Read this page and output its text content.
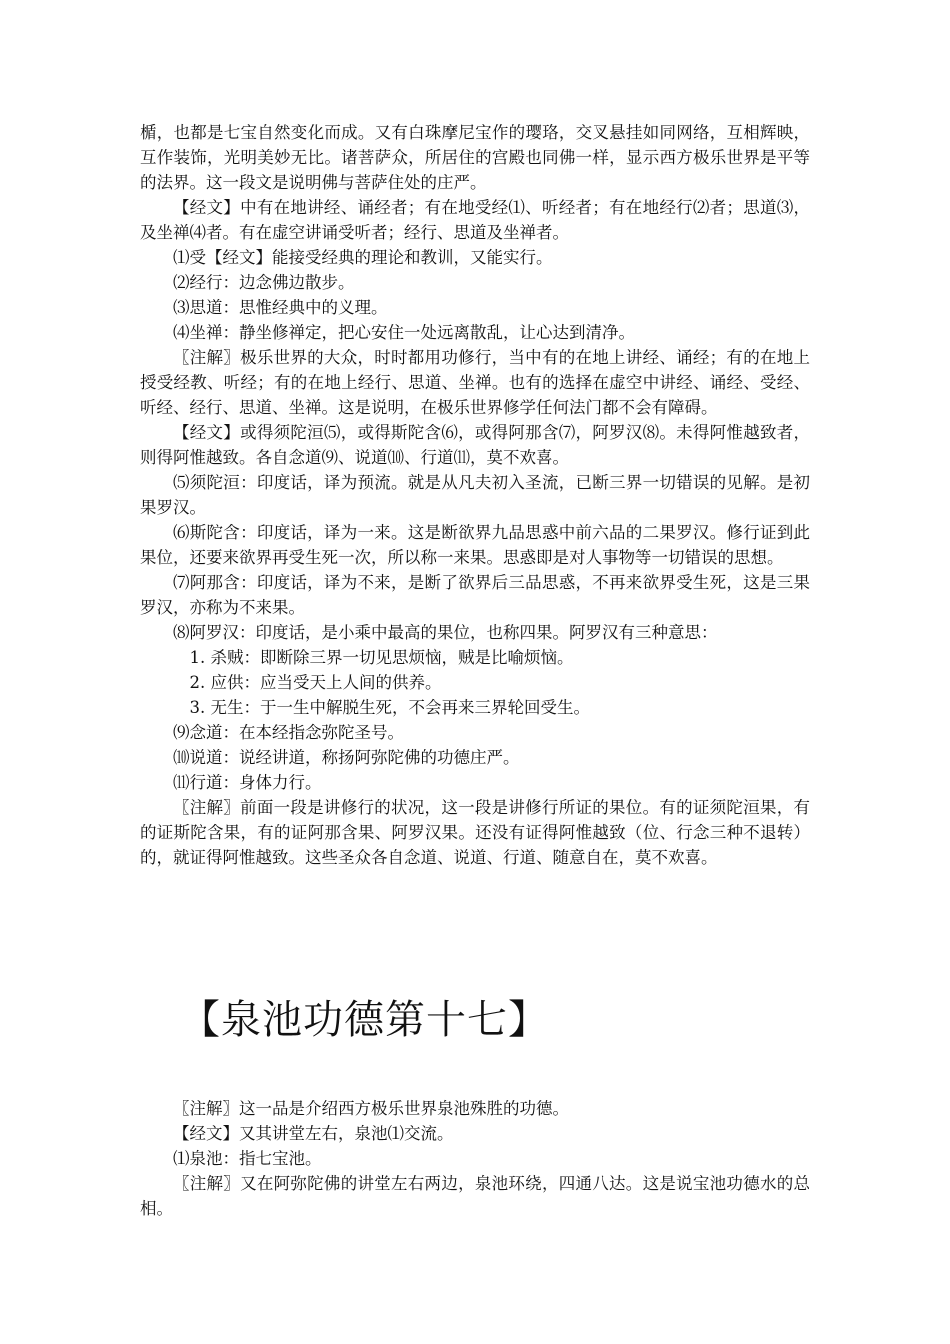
楯，也都是七宝自然变化而成。又有白珠摩尼宝作的璎珞，交叉悬挂如同网络，互相辉映，互作装饰，光明美妙无比。诸菩萨众，所居住的宫殿也同佛一样，显示西方极乐世界是平等的法界。这一段文是说明佛与菩萨住处的庄严。

【经文】中有在地讲经、诵经者；有在地受经⑴、听经者；有在地经行⑵者；思道⑶，及坐禅⑷者。有在虚空讲诵受听者；经行、思道及坐禅者。

⑴受【经文】能接受经典的理论和教训，又能实行。

⑵经行：边念佛边散步。

⑶思道：思惟经典中的义理。

⑷坐禅：静坐修禅定，把心安住一处远离散乱，让心达到清净。

〖注解〗极乐世界的大众，时时都用功修行，当中有的在地上讲经、诵经；有的在地上授受经教、听经；有的在地上经行、思道、坐禅。也有的选择在虚空中讲经、诵经、受经、听经、经行、思道、坐禅。这是说明，在极乐世界修学任何法门都不会有障碍。

【经文】或得须陀洹⑸，或得斯陀含⑹，或得阿那含⑺，阿罗汉⑻。未得阿惟越致者，则得阿惟越致。各自念道⑼、说道⑽、行道⑾，莫不欢喜。

⑸须陀洹：印度话，译为预流。就是从凡夫初入圣流，已断三界一切错误的见解。是初果罗汉。

⑹斯陀含：印度话，译为一来。这是断欲界九品思惑中前六品的二果罗汉。修行证到此果位，还要来欲界再受生死一次，所以称一来果。思惑即是对人事物等一切错误的思想。

⑺阿那含：印度话，译为不来，是断了欲界后三品思惑，不再来欲界受生死，这是三果罗汉，亦称为不来果。

⑻阿罗汉：印度话，是小乘中最高的果位，也称四果。阿罗汉有三种意思：

1. 杀贼：即断除三界一切见思烦恼，贼是比喻烦恼。

2. 应供：应当受天上人间的供养。

3. 无生：于一生中解脱生死，不会再来三界轮回受生。

⑼念道：在本经指念弥陀圣号。

⑽说道：说经讲道，称扬阿弥陀佛的功德庄严。

⑾行道：身体力行。

〖注解〗前面一段是讲修行的状况，这一段是讲修行所证的果位。有的证须陀洹果，有的证斯陀含果，有的证阿那含果、阿罗汉果。还没有证得阿惟越致（位、行念三种不退转）的，就证得阿惟越致。这些圣众各自念道、说道、行道、随意自在，莫不欢喜。

【泉池功德第十七】

〖注解〗这一品是介绍西方极乐世界泉池殊胜的功德。

【经文】又其讲堂左右，泉池⑴交流。

⑴泉池：指七宝池。

〖注解〗又在阿弥陀佛的讲堂左右两边，泉池环绕，四通八达。这是说宝池功德水的总相。
